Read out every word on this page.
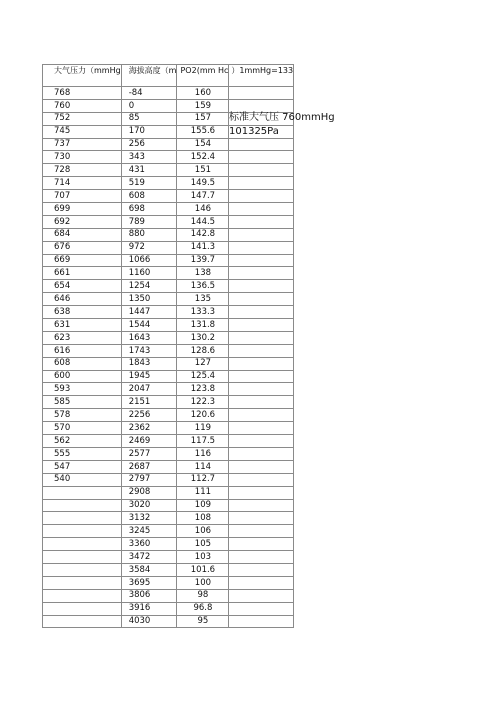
大气压力（mmHg	海拔高度（m	PO2(mm Hc	）1mmHg=133
768	-84	160	
760	0	159	
752	85	157	
745	170	155.6	
737	256	154	
730	343	152.4	
728	431	151	
714	519	149.5	
707	608	147.7	
699	698	146	
692	789	144.5	
684	880	142.8	
676	972	141.3	
669	1066	139.7	
661	1160	138	
654	1254	136.5	
646	1350	135	
638	1447	133.3	
631	1544	131.8	
623	1643	130.2	
616	1743	128.6	
608	1843	127	
600	1945	125.4	
593	2047	123.8	
585	2151	122.3	
578	2256	120.6	
570	2362	119	
562	2469	117.5	
555	2577	116	
547	2687	114	
540	2797	112.7	
	2908	111	
	3020	109	
	3132	108	
	3245	106	
	3360	105	
	3472	103	
	3584	101.6	
	3695	100	
	3806	98	
	3916	96.8	
	4030	95	
标准大气压 760mmHg
101325Pa
